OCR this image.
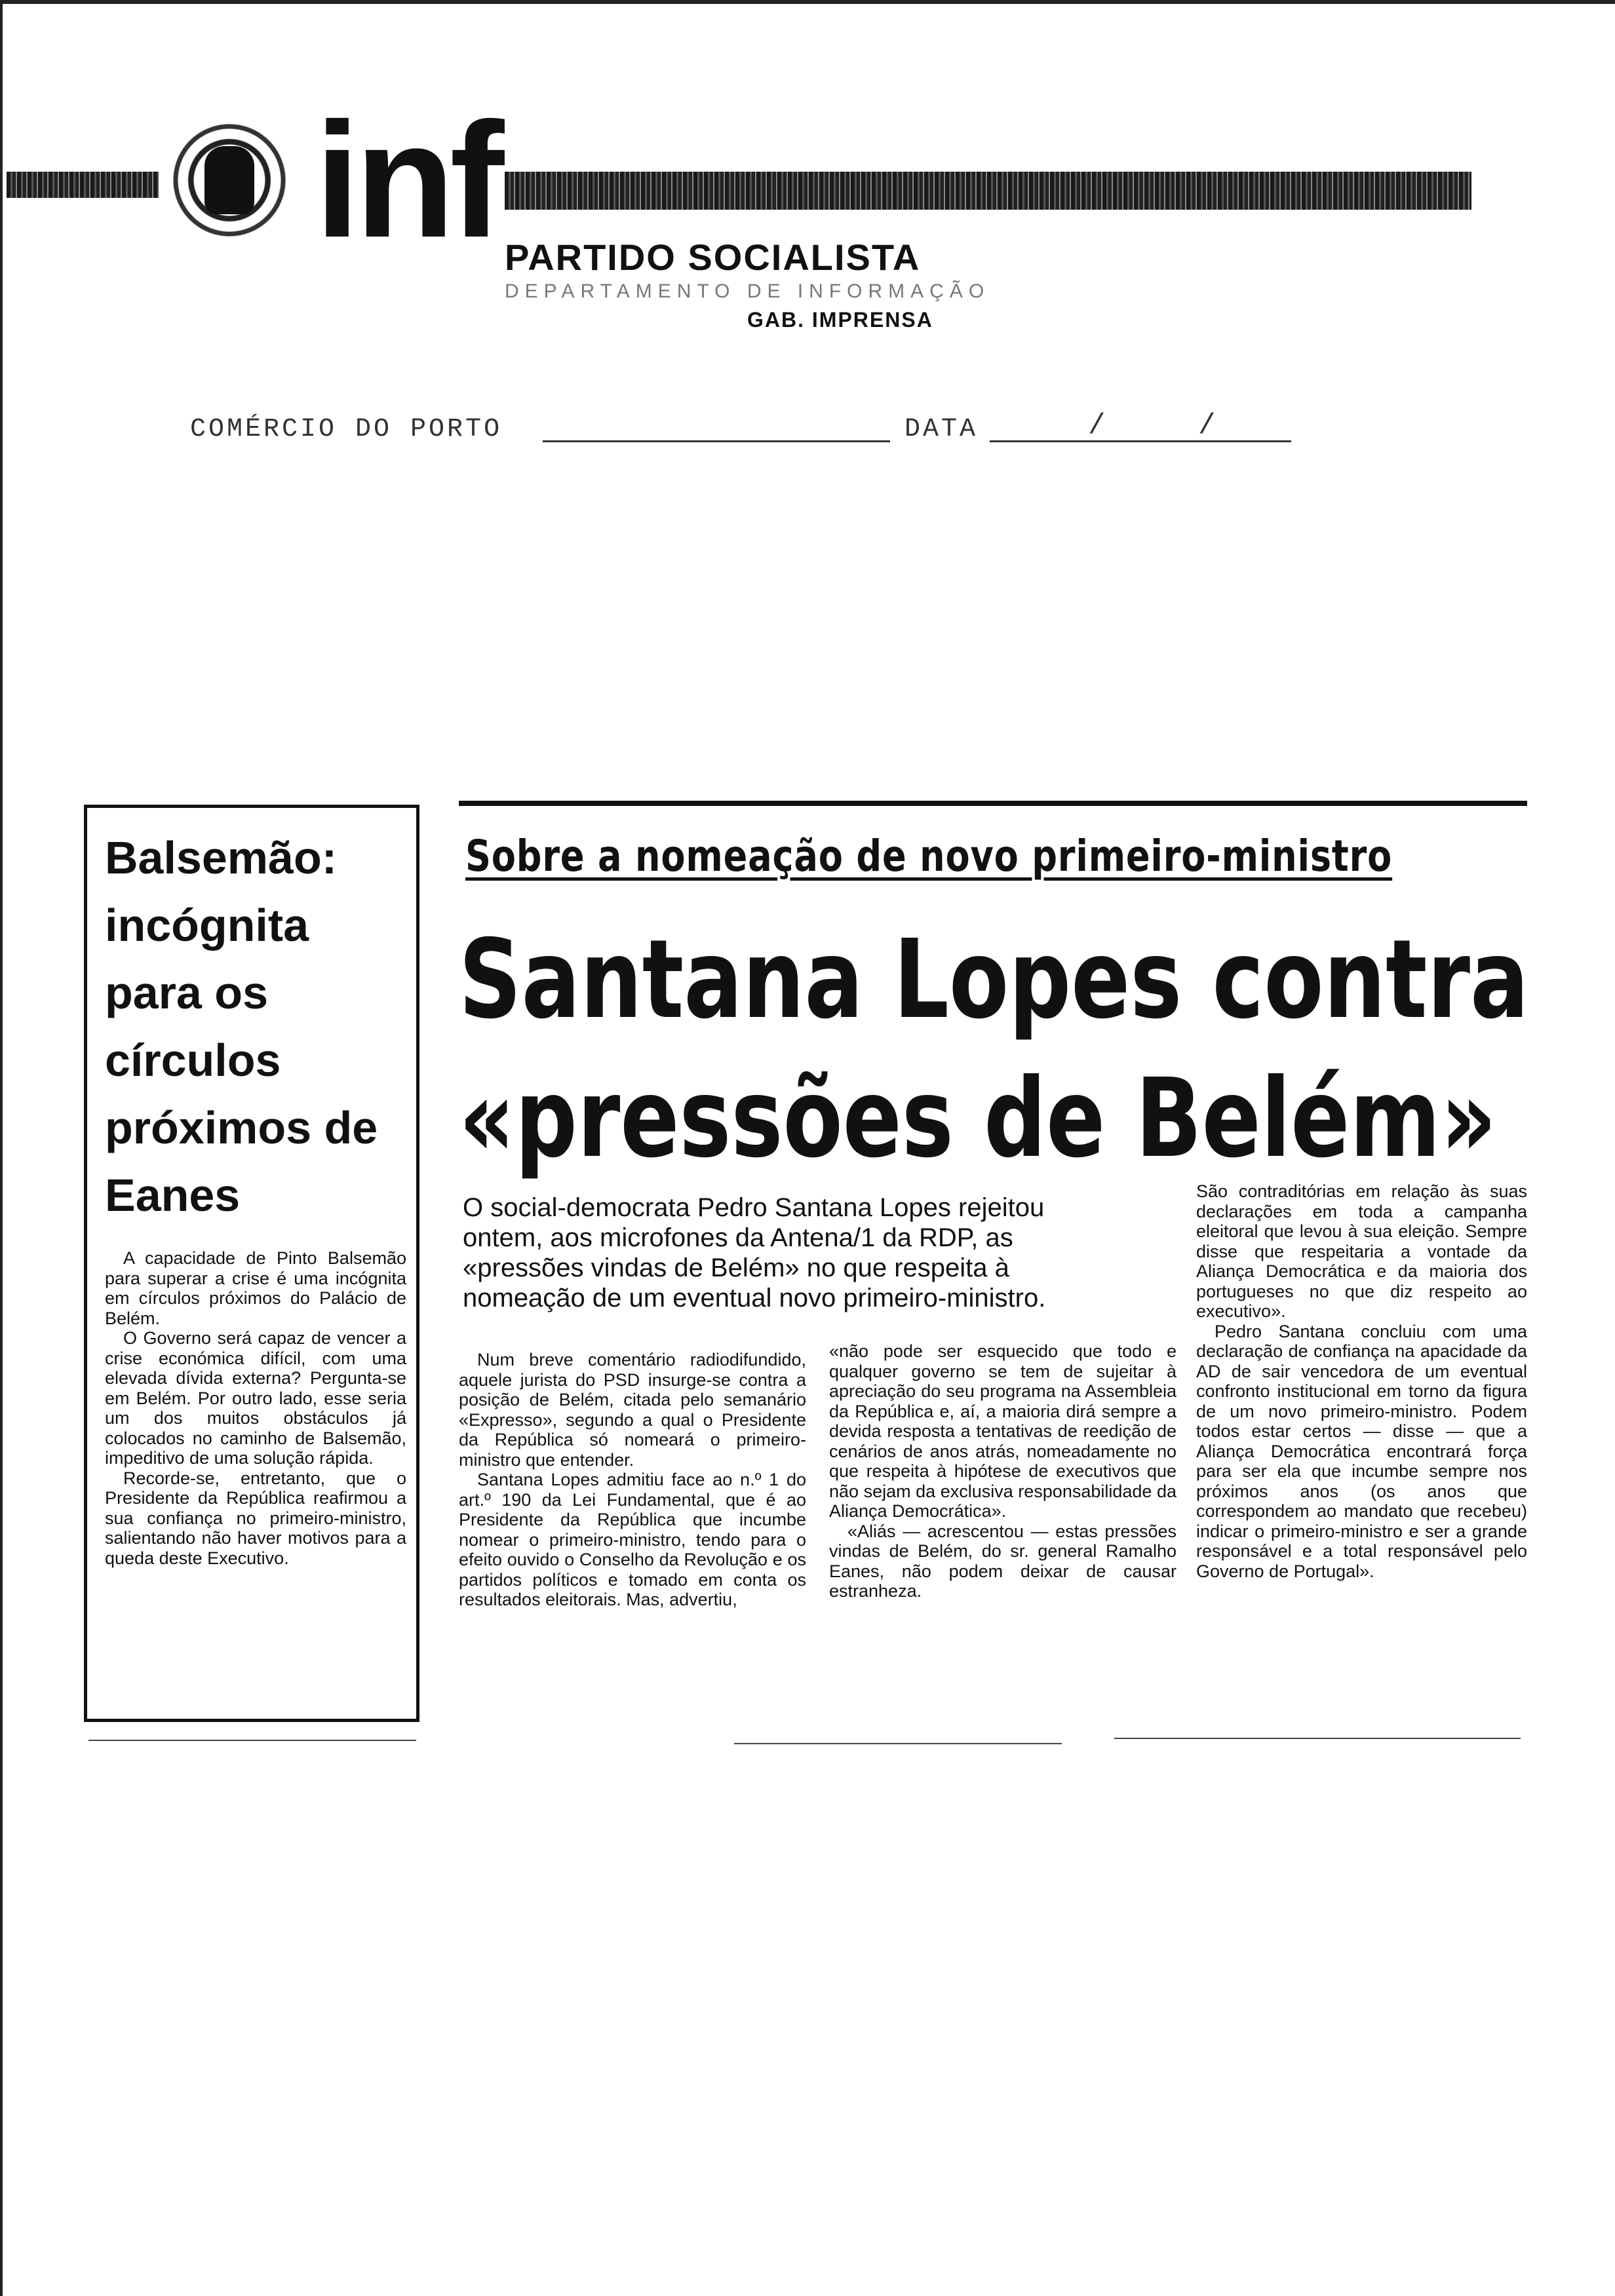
inf PARTIDO SOCIALISTA
DEPARTAMENTO DE INFORMAÇÃO
GAB. IMPRENSA
COMÉRCIO DO PORTO	DATA	/	/
Balsemão: incógnita para os círculos próximos de Eanes

A capacidade de Pinto Balsemão para superar a crise é uma incógnita em círculos próximos do Palácio de Belém.

O Governo será capaz de vencer a crise económica difícil, com uma elevada dívida externa? Pergunta-se em Belém. Por outro lado, esse seria um dos muitos obstáculos já colocados no caminho de Balsemão, impeditivo de uma solução rápida.

Recorde-se, entretanto, que o Presidente da República reafirmou a sua confiança no primeiro-ministro, salientando não haver motivos para a queda deste Executivo.

Sobre a nomeação de novo primeiro-ministro
Santana Lopes contra
«pressões de Belém»
O social-democrata Pedro Santana Lopes rejeitou ontem, aos microfones da Antena/1 da RDP, as «pressões vindas de Belém» no que respeita à nomeação de um eventual novo primeiro-ministro.

Num breve comentário radiodifundido, aquele jurista do PSD insurge-se contra a posição de Belém, citada pelo semanário «Expresso», segundo a qual o Presidente da República só nomeará o primeiro-ministro que entender.

Santana Lopes admitiu face ao n.º 1 do art.º 190 da Lei Fundamental, que é ao Presidente da República que incumbe nomear o primeiro-ministro, tendo para o efeito ouvido o Conselho da Revolução e os partidos políticos e tomado em conta os resultados eleitorais. Mas, advertiu,

«não pode ser esquecido que todo e qualquer governo se tem de sujeitar à apreciação do seu programa na Assembleia da República e, aí, a maioria dirá sempre a devida resposta a tentativas de reedição de cenários de anos atrás, nomeadamente no que respeita à hipótese de executivos que não sejam da exclusiva responsabilidade da Aliança Democrática».

«Aliás — acrescentou — estas pressões vindas de Belém, do sr. general Ramalho Eanes, não podem deixar de causar estranheza.

São contraditórias em relação às suas declarações em toda a campanha eleitoral que levou à sua eleição. Sempre disse que respeitaria a vontade da Aliança Democrática e da maioria dos portugueses no que diz respeito ao executivo».

Pedro Santana concluiu com uma declaração de confiança na apacidade da AD de sair vencedora de um eventual confronto institucional em torno da figura de um novo primeiro-ministro. Podem todos estar certos — disse — que a Aliança Democrática encontrará força para ser ela que incumbe sempre nos próximos anos (os anos que correspondem ao mandato que recebeu) indicar o primeiro-ministro e ser a grande responsável e a total responsável pelo Governo de Portugal».
